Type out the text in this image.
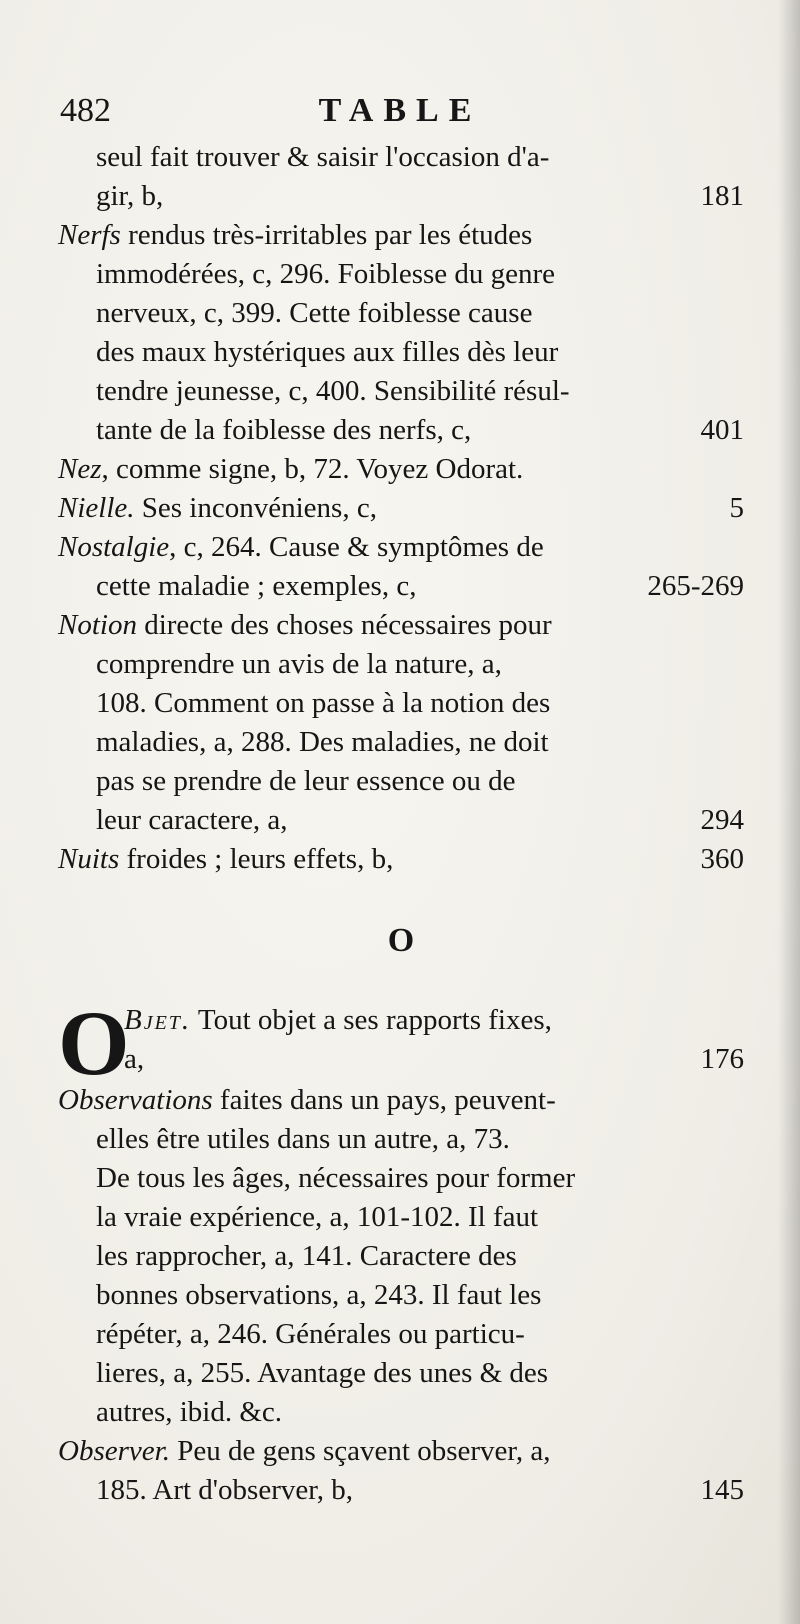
482	TABLE
seul fait trouver & saisir l'occasion d'a-
gir, b,	181
Nerfs rendus très-irritables par les études
immodérées, c, 296. Foiblesse du genre
nerveux, c, 399. Cette foiblesse cause
des maux hystériques aux filles dès leur
tendre jeunesse, c, 400. Sensibilité résul-
tante de la foiblesse des nerfs, c,	401
Nez, comme signe, b, 72. Voyez Odorat.
Nielle. Ses inconvéniens, c,	5
Nostalgie, c, 264. Cause & symptômes de
cette maladie ; exemples, c,	265-269
Notion directe des choses nécessaires pour
comprendre un avis de la nature, a,
108. Comment on passe à la notion des
maladies, a, 288. Des maladies, ne doit
pas se prendre de leur essence ou de
leur caractere, a,	294
Nuits froides ; leurs effets, b,	360
O
O
Bjet. Tout objet a ses rapports fixes,
a,	176
Observations faites dans un pays, peuvent-
elles être utiles dans un autre, a, 73.
De tous les âges, nécessaires pour former
la vraie expérience, a, 101-102. Il faut
les rapprocher, a, 141. Caractere des
bonnes observations, a, 243. Il faut les
répéter, a, 246. Générales ou particu-
lieres, a, 255. Avantage des unes & des
autres, ibid. &c.
Observer. Peu de gens sçavent observer, a,
185. Art d'observer, b,	145
